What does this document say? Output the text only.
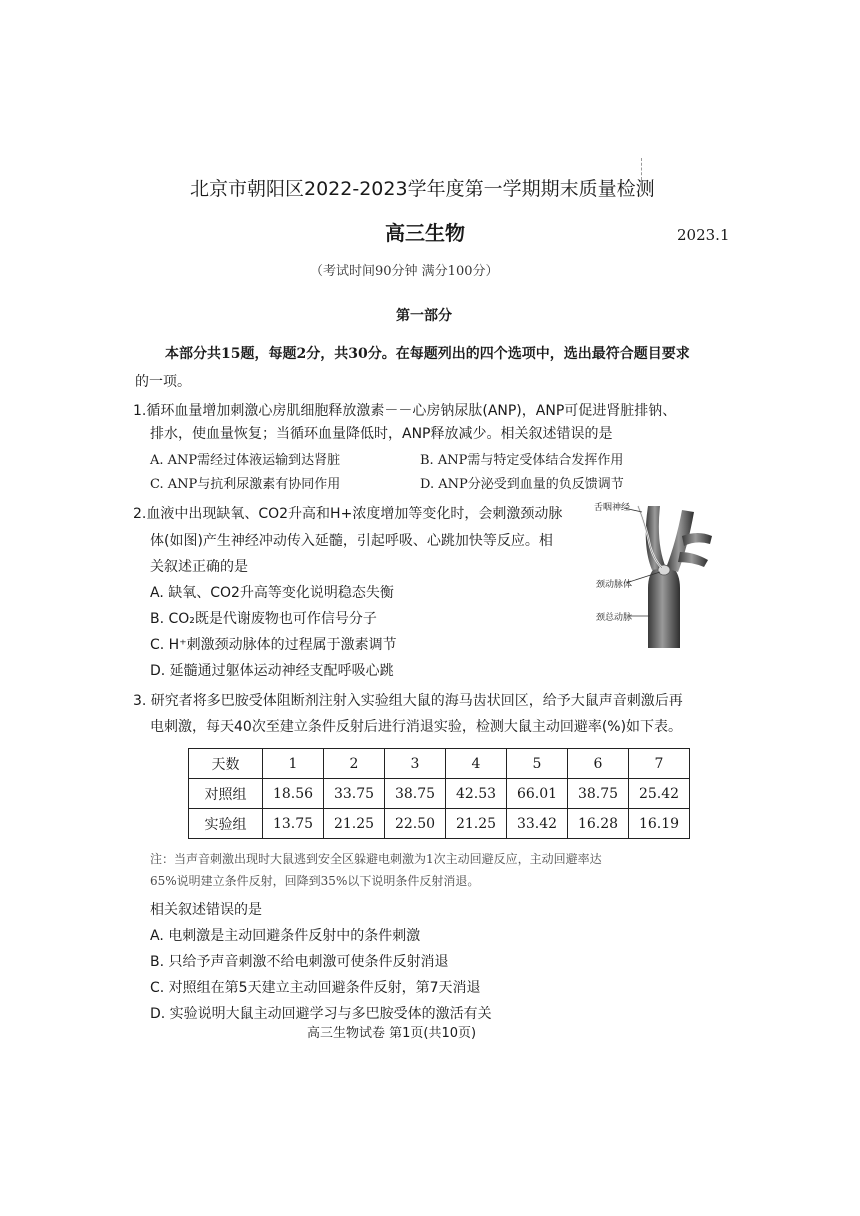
北京市朝阳区2022-2023学年度第一学期期末质量检测
高三生物	2023.1
（考试时间90分钟 满分100分）
第一部分
本部分共15题，每题2分，共30分。在每题列出的四个选项中，选出最符合题目要求
的一项。
1.循环血量增加刺激心房肌细胞释放激素－－心房钠尿肽(ANP)，ANP可促进肾脏排钠、
排水，使血量恢复；当循环血量降低时，ANP释放减少。相关叙述错误的是
A. ANP需经过体液运输到达肾脏	B. ANP需与特定受体结合发挥作用
C. ANP与抗利尿激素有协同作用	D. ANP分泌受到血量的负反馈调节
2.血液中出现缺氧、CO2升高和H+浓度增加等变化时，会刺激颈动脉
体(如图)产生神经冲动传入延髓，引起呼吸、心跳加快等反应。相
关叙述正确的是
A. 缺氧、CO2升高等变化说明稳态失衡
B. CO₂既是代谢废物也可作信号分子
C. H⁺刺激颈动脉体的过程属于激素调节
D. 延髓通过躯体运动神经支配呼吸心跳
舌咽神经
颈动脉体
颈总动脉
3. 研究者将多巴胺受体阻断剂注射入实验组大鼠的海马齿状回区，给予大鼠声音刺激后再
电刺激，每天40次至建立条件反射后进行消退实验，检测大鼠主动回避率(%)如下表。
天数	1	2	3	4	5	6	7
对照组	18.56	33.75	38.75	42.53	66.01	38.75	25.42
实验组	13.75	21.25	22.50	21.25	33.42	16.28	16.19
注：当声音刺激出现时大鼠逃到安全区躲避电刺激为1次主动回避反应，主动回避率达
65%说明建立条件反射，回降到35%以下说明条件反射消退。
相关叙述错误的是
A. 电刺激是主动回避条件反射中的条件刺激
B. 只给予声音刺激不给电刺激可使条件反射消退
C. 对照组在第5天建立主动回避条件反射，第7天消退
D. 实验说明大鼠主动回避学习与多巴胺受体的激活有关
高三生物试卷 第1页(共10页)
